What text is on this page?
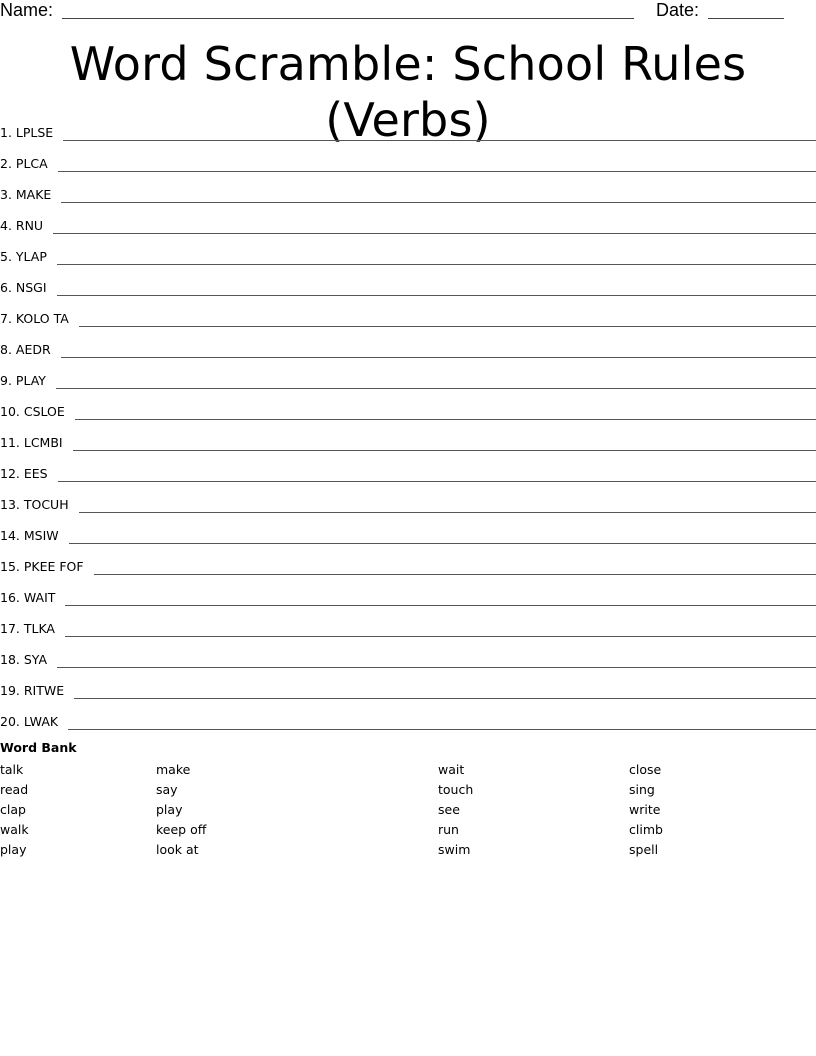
Name:	Date:
Word Scramble: School Rules (Verbs)
1. LPLSE
2. PLCA
3. MAKE
4. RNU
5. YLAP
6. NSGI
7. KOLO TA
8. AEDR
9. PLAY
10. CSLOE
11. LCMBI
12. EES
13. TOCUH
14. MSIW
15. PKEE FOF
16. WAIT
17. TLKA
18. SYA
19. RITWE
20. LWAK
Word Bank
talk
read
clap
walk
play
make
say
play
keep off
look at
wait
touch
see
run
swim
close
sing
write
climb
spell
